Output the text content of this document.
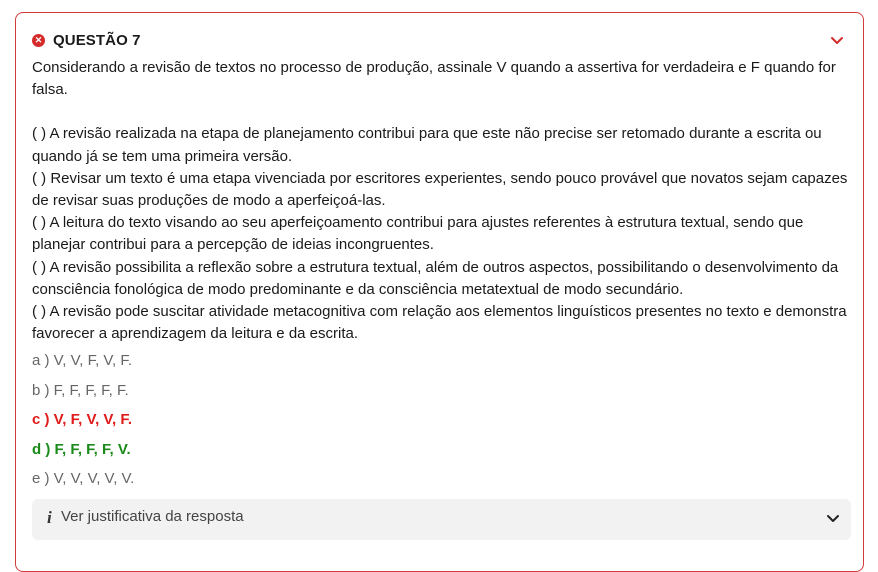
✕ QUESTÃO 7

Considerando a revisão de textos no processo de produção, assinale V quando a assertiva for verdadeira e F quando for falsa.

( ) A revisão realizada na etapa de planejamento contribui para que este não precise ser retomado durante a escrita ou quando já se tem uma primeira versão.

( ) Revisar um texto é uma etapa vivenciada por escritores experientes, sendo pouco provável que novatos sejam capazes de revisar suas produções de modo a aperfeiçoá-las.

( ) A leitura do texto visando ao seu aperfeiçoamento contribui para ajustes referentes à estrutura textual, sendo que planejar contribui para a percepção de ideias incongruentes.

( ) A revisão possibilita a reflexão sobre a estrutura textual, além de outros aspectos, possibilitando o desenvolvimento da consciência fonológica de modo predominante e da consciência metatextual de modo secundário.

( ) A revisão pode suscitar atividade metacognitiva com relação aos elementos linguísticos presentes no texto e demonstra favorecer a aprendizagem da leitura e da escrita.

a ) V, V, F, V, F.
b ) F, F, F, F, F.
c ) V, F, V, V, F.
d ) F, F, F, F, V.
e ) V, V, V, V, V.
i Ver justificativa da resposta
